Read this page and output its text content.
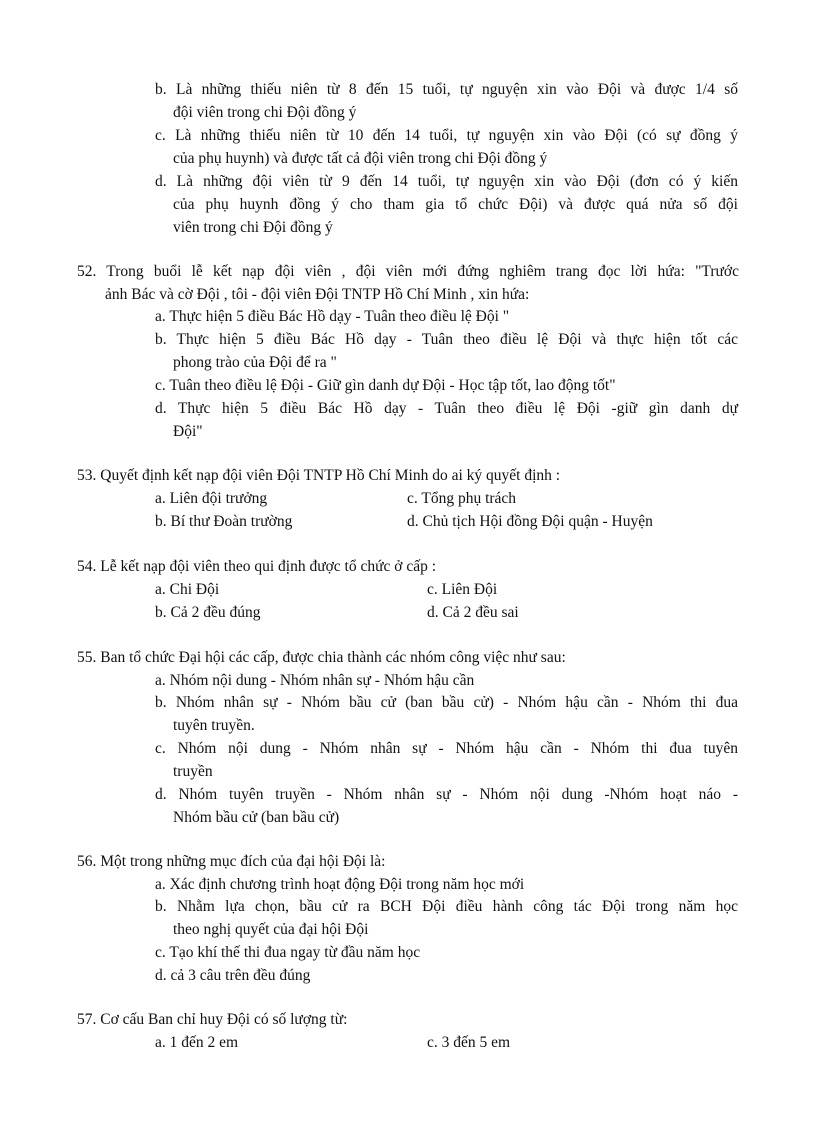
b. Là những thiếu niên từ 8 đến 15 tuổi, tự nguyện xin vào Đội và được 1/4 số
đội viên trong chi Đội đồng ý
c. Là những thiếu niên từ 10 đến 14 tuổi, tự nguyện xin vào Đội (có sự đồng ý
của phụ huynh) và được tất cả đội viên trong chi Đội đồng ý
d. Là những đội viên từ 9 đến 14 tuổi, tự nguyện xin vào Đội (đơn có ý kiến
của phụ huynh đồng ý cho tham gia tổ chức Đội) và được quá nửa số đội
viên trong chi Đội đồng ý
52. Trong buổi lễ kết nạp đội viên , đội viên mới đứng nghiêm trang đọc lời hứa: "Trước
ảnh Bác và cờ Đội , tôi - đội viên Đội TNTP Hồ Chí Minh , xin hứa:
a. Thực hiện 5 điều Bác Hồ dạy - Tuân theo điều lệ Đội "
b. Thực hiện 5 điều Bác Hồ dạy - Tuân theo điều lệ Đội và thực hiện tốt các
phong trào của Đội để ra "
c. Tuân theo điều lệ Đội - Giữ gìn danh dự Đội - Học tập tốt, lao động tốt"
d. Thực hiện 5 điều Bác Hồ dạy - Tuân theo điều lệ Đội -giữ gìn danh dự
Đội"
53. Quyết định kết nạp đội viên Đội TNTP Hồ Chí Minh do ai ký quyết định :
a. Liên đội trưởng	c. Tổng phụ trách
b. Bí thư Đoàn trường	d. Chủ tịch Hội đồng Đội quận - Huyện
54. Lễ kết nạp đội viên theo qui định được tổ chức ở cấp :
a. Chi Đội	c. Liên Đội
b. Cả 2 đều đúng	d. Cả 2 đều sai
55. Ban tổ chức Đại hội các cấp, được chia thành các nhóm công việc như sau:
a. Nhóm nội dung - Nhóm nhân sự - Nhóm hậu cần
b. Nhóm nhân sự - Nhóm bầu cử (ban bầu cử) - Nhóm hậu cần - Nhóm thi đua
tuyên truyền.
c. Nhóm nội dung - Nhóm nhân sự - Nhóm hậu cần - Nhóm thi đua tuyên
truyền
d. Nhóm tuyên truyền - Nhóm nhân sự - Nhóm nội dung -Nhóm hoạt náo -
Nhóm bầu cử (ban bầu cử)
56. Một trong những mục đích của đại hội Đội là:
a. Xác định chương trình hoạt động Đội trong năm học mới
b. Nhằm lựa chọn, bầu cử ra BCH Đội điều hành công tác Đội trong năm học
theo nghị quyết của đại hội Đội
c. Tạo khí thế thi đua ngay từ đầu năm học
d. cả 3 câu trên đều đúng
57. Cơ cấu Ban chỉ huy Đội có số lượng từ:
a. 1 đến 2 em	c. 3 đến 5 em
